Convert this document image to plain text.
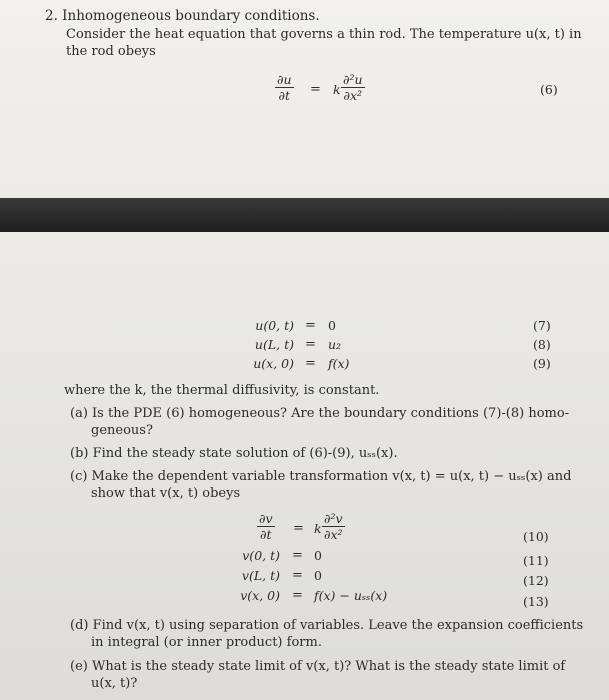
2. Inhomogeneous boundary conditions.
Consider the heat equation that governs a thin rod. The temperature u(x, t) in
the rod obeys
$\frac{\partial u}{\partial t} = k \frac{\text{∂²u}}{\text{∂x²}}$	(6)
u(0, t) = 0	(7)
u(L, t) = u₂	(8)
u(x, 0) = f(x)	(9)
where the k, the thermal diffusivity, is constant.
(a) Is the PDE (6) homogeneous? Are the boundary conditions (7)-(8) homo-
geneous?
(b) Find the steady state solution of (6)-(9), uₛₛ(x).
(c) Make the dependent variable transformation v(x, t) = u(x, t) − uₛₛ(x) and
show that v(x, t) obeys
$\frac{\partial v}{\partial t} = k \frac{\text{∂²v}}{\text{∂x²}}$	(10)
v(0, t) = 0	(11)
v(L, t) = 0	(12)
v(x, 0) = f(x) − uₛₛ(x)	(13)
(d) Find v(x, t) using separation of variables. Leave the expansion coefficients
in integral (or inner product) form.
(e) What is the steady state limit of v(x, t)? What is the steady state limit of
u(x, t)?
